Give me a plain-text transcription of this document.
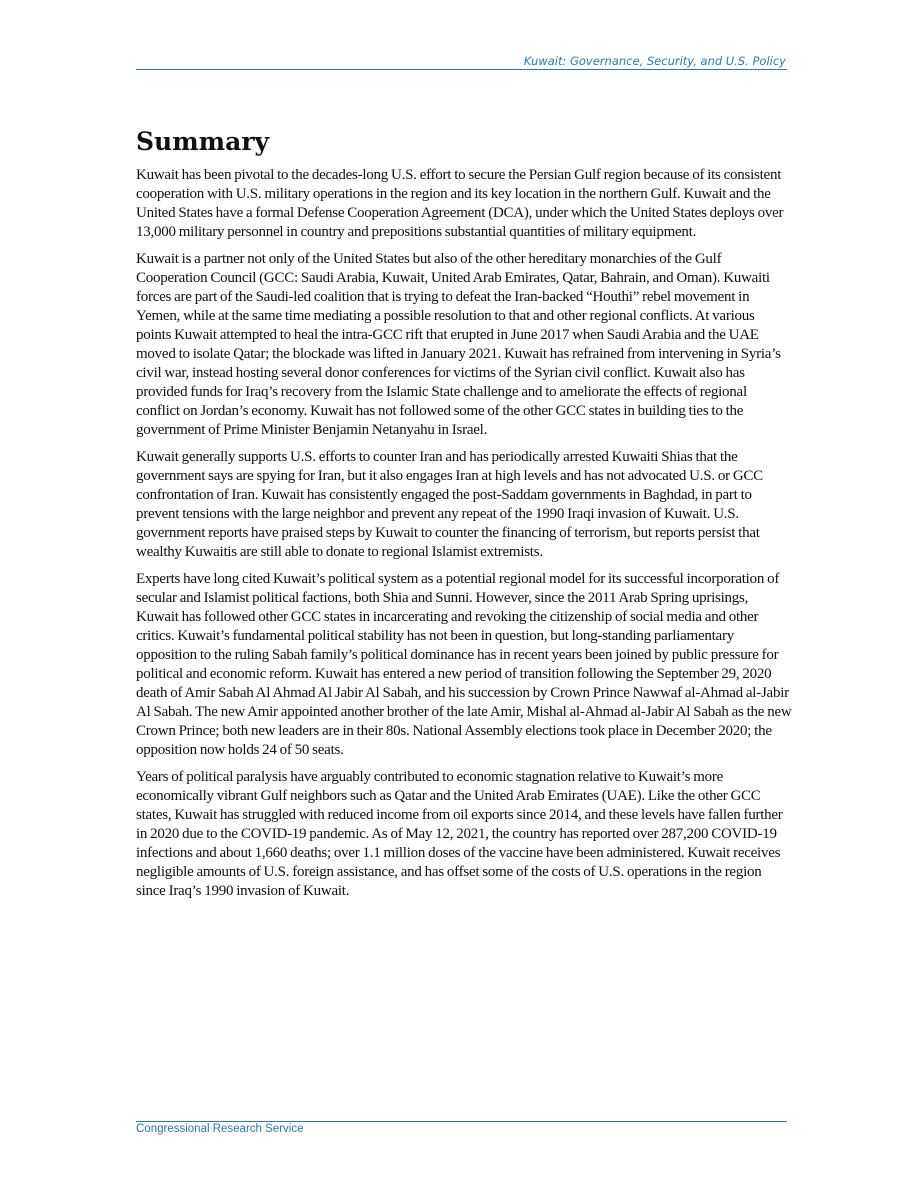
Kuwait: Governance, Security, and U.S. Policy
Summary

Kuwait has been pivotal to the decades-long U.S. effort to secure the Persian Gulf region because of its consistent cooperation with U.S. military operations in the region and its key location in the northern Gulf. Kuwait and the United States have a formal Defense Cooperation Agreement (DCA), under which the United States deploys over 13,000 military personnel in country and prepositions substantial quantities of military equipment.

Kuwait is a partner not only of the United States but also of the other hereditary monarchies of the Gulf Cooperation Council (GCC: Saudi Arabia, Kuwait, United Arab Emirates, Qatar, Bahrain, and Oman). Kuwaiti forces are part of the Saudi-led coalition that is trying to defeat the Iran-backed “Houthi” rebel movement in Yemen, while at the same time mediating a possible resolution to that and other regional conflicts. At various points Kuwait attempted to heal the intra-GCC rift that erupted in June 2017 when Saudi Arabia and the UAE moved to isolate Qatar; the blockade was lifted in January 2021. Kuwait has refrained from intervening in Syria’s civil war, instead hosting several donor conferences for victims of the Syrian civil conflict. Kuwait also has provided funds for Iraq’s recovery from the Islamic State challenge and to ameliorate the effects of regional conflict on Jordan’s economy. Kuwait has not followed some of the other GCC states in building ties to the government of Prime Minister Benjamin Netanyahu in Israel.

Kuwait generally supports U.S. efforts to counter Iran and has periodically arrested Kuwaiti Shias that the government says are spying for Iran, but it also engages Iran at high levels and has not advocated U.S. or GCC confrontation of Iran. Kuwait has consistently engaged the post-Saddam governments in Baghdad, in part to prevent tensions with the large neighbor and prevent any repeat of the 1990 Iraqi invasion of Kuwait. U.S. government reports have praised steps by Kuwait to counter the financing of terrorism, but reports persist that wealthy Kuwaitis are still able to donate to regional Islamist extremists.

Experts have long cited Kuwait’s political system as a potential regional model for its successful incorporation of secular and Islamist political factions, both Shia and Sunni. However, since the 2011 Arab Spring uprisings, Kuwait has followed other GCC states in incarcerating and revoking the citizenship of social media and other critics. Kuwait’s fundamental political stability has not been in question, but long-standing parliamentary opposition to the ruling Sabah family’s political dominance has in recent years been joined by public pressure for political and economic reform. Kuwait has entered a new period of transition following the September 29, 2020 death of Amir Sabah Al Ahmad Al Jabir Al Sabah, and his succession by Crown Prince Nawwaf al-Ahmad al-Jabir Al Sabah. The new Amir appointed another brother of the late Amir, Mishal al-Ahmad al-Jabir Al Sabah as the new Crown Prince; both new leaders are in their 80s. National Assembly elections took place in December 2020; the opposition now holds 24 of 50 seats.

Years of political paralysis have arguably contributed to economic stagnation relative to Kuwait’s more economically vibrant Gulf neighbors such as Qatar and the United Arab Emirates (UAE). Like the other GCC states, Kuwait has struggled with reduced income from oil exports since 2014, and these levels have fallen further in 2020 due to the COVID-19 pandemic. As of May 12, 2021, the country has reported over 287,200 COVID-19 infections and about 1,660 deaths; over 1.1 million doses of the vaccine have been administered. Kuwait receives negligible amounts of U.S. foreign assistance, and has offset some of the costs of U.S. operations in the region since Iraq’s 1990 invasion of Kuwait.

Congressional Research Service
